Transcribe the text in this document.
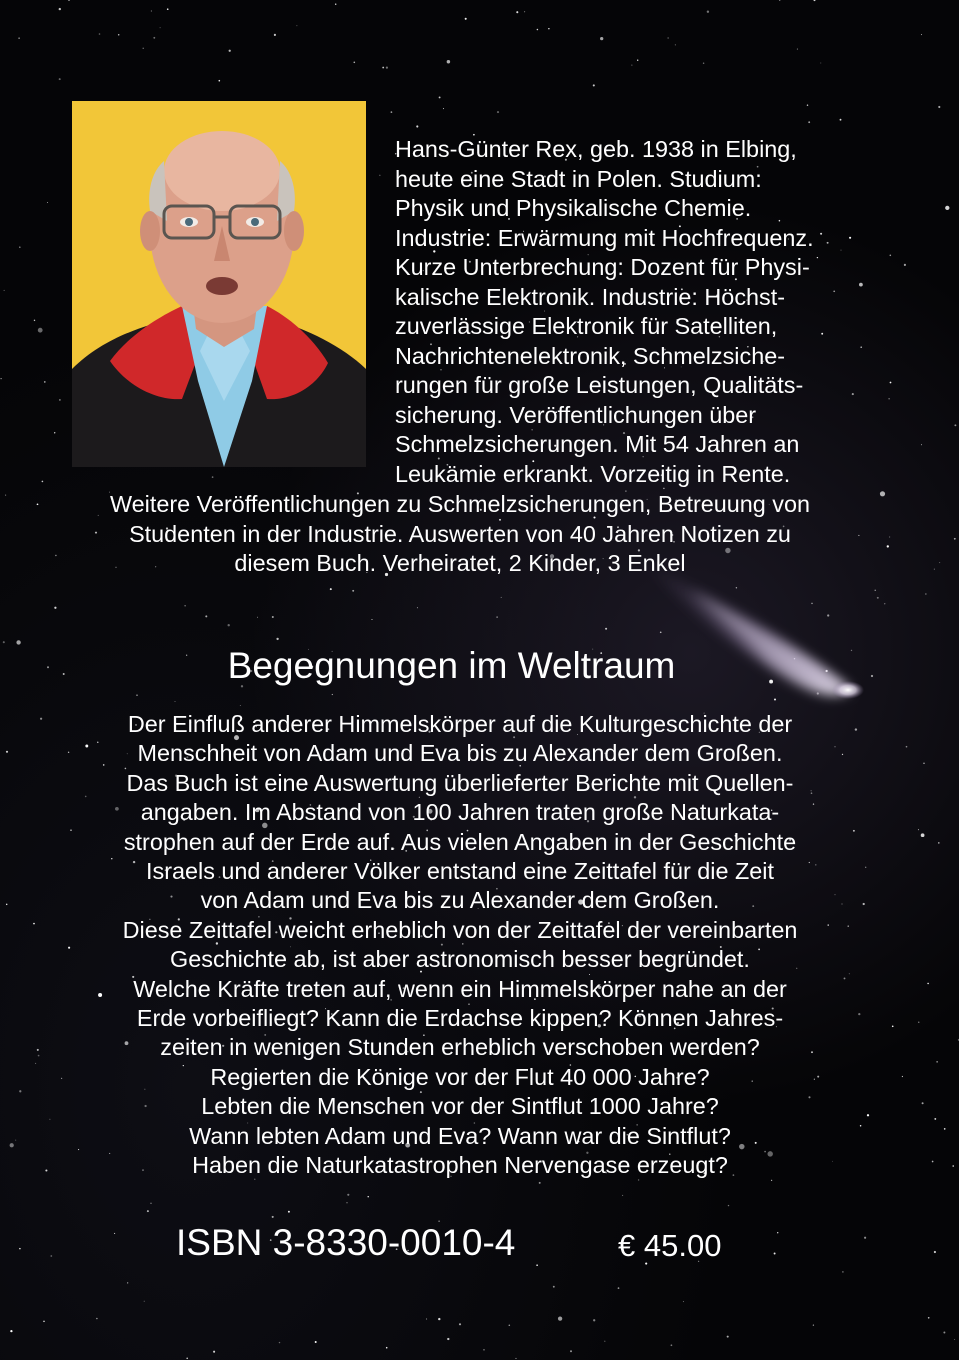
Hans-Günter Rex, geb. 1938 in Elbing,
heute eine Stadt in Polen. Studium:
Physik und Physikalische Chemie.
Industrie: Erwärmung mit Hochfrequenz.
Kurze Unterbrechung: Dozent für Physi-
kalische Elektronik. Industrie: Höchst-
zuverlässige Elektronik für Satelliten,
Nachrichtenelektronik, Schmelzsiche-
rungen für große Leistungen, Qualitäts-
sicherung. Veröffentlichungen über
Schmelzsicherungen. Mit 54 Jahren an
Leukämie erkrankt. Vorzeitig in Rente.

Weitere Veröffentlichungen zu Schmelzsicherungen, Betreuung von
Studenten in der Industrie. Auswerten von 40 Jahren Notizen zu
diesem Buch. Verheiratet, 2 Kinder, 3 Enkel

Begegnungen im Weltraum

Der Einfluß anderer Himmelskörper auf die Kulturgeschichte der
Menschheit von Adam und Eva bis zu Alexander dem Großen.
Das Buch ist eine Auswertung überlieferter Berichte mit Quellen-
angaben. Im Abstand von 100 Jahren traten große Naturkata-
strophen auf der Erde auf. Aus vielen Angaben in der Geschichte
Israels und anderer Völker entstand eine Zeittafel für die Zeit
von Adam und Eva bis zu Alexander dem Großen.
Diese Zeittafel weicht erheblich von der Zeittafel der vereinbarten
Geschichte ab, ist aber astronomisch besser begründet.
Welche Kräfte treten auf, wenn ein Himmelskörper nahe an der
Erde vorbeifliegt? Kann die Erdachse kippen? Können Jahres-
zeiten in wenigen Stunden erheblich verschoben werden?
Regierten die Könige vor der Flut 40 000 Jahre?
Lebten die Menschen vor der Sintflut 1000 Jahre?
Wann lebten Adam und Eva? Wann war die Sintflut?
Haben die Naturkatastrophen Nervengase erzeugt?

ISBN 3-8330-0010-4	€ 45.00
